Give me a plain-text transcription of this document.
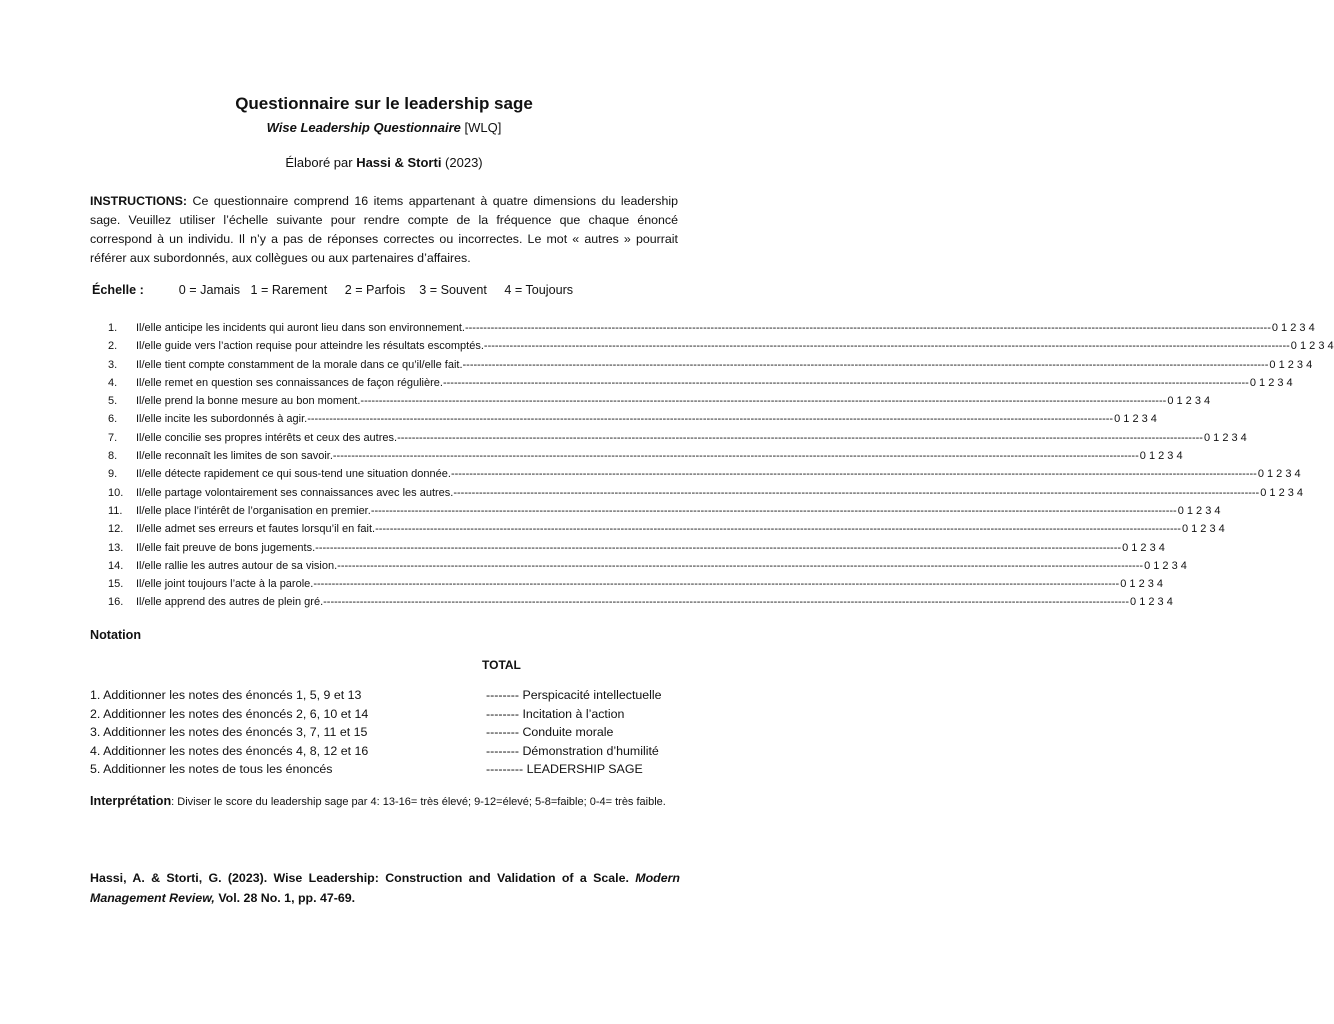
Questionnaire sur le leadership sage
Wise Leadership Questionnaire [WLQ]
Élaboré par Hassi & Storti (2023)
INSTRUCTIONS: Ce questionnaire comprend 16 items appartenant à quatre dimensions du leadership sage. Veuillez utiliser l’échelle suivante pour rendre compte de la fréquence que chaque énoncé correspond à un individu. Il n’y a pas de réponses correctes ou incorrectes. Le mot « autres » pourrait référer aux subordonnés, aux collègues ou aux partenaires d’affaires.
Échelle :	0 = Jamais 1 = Rarement 2 = Parfois 3 = Souvent 4 = Toujours
1.	Il/elle anticipe les incidents qui auront lieu dans son environnement. ---------------------------------------------------------------------------------------------------------------------------------------------------------------------------------------------------------------------------- 0 1 2 3 4
2.	Il/elle guide vers l’action requise pour atteindre les résultats escomptés. ---------------------------------------------------------------------------------------------------------------------------------------------------------------------------------------------------------------------------- 0 1 2 3 4
3.	Il/elle tient compte constamment de la morale dans ce qu’il/elle fait. ---------------------------------------------------------------------------------------------------------------------------------------------------------------------------------------------------------------------------- 0 1 2 3 4
4.	Il/elle remet en question ses connaissances de façon régulière. ---------------------------------------------------------------------------------------------------------------------------------------------------------------------------------------------------------------------------- 0 1 2 3 4
5.	Il/elle prend la bonne mesure au bon moment. ---------------------------------------------------------------------------------------------------------------------------------------------------------------------------------------------------------------------------- 0 1 2 3 4
6.	Il/elle incite les subordonnés à agir. ---------------------------------------------------------------------------------------------------------------------------------------------------------------------------------------------------------------------------- 0 1 2 3 4
7.	Il/elle concilie ses propres intérêts et ceux des autres. ---------------------------------------------------------------------------------------------------------------------------------------------------------------------------------------------------------------------------- 0 1 2 3 4
8.	Il/elle reconnaît les limites de son savoir. ---------------------------------------------------------------------------------------------------------------------------------------------------------------------------------------------------------------------------- 0 1 2 3 4
9.	Il/elle détecte rapidement ce qui sous-tend une situation donnée. ---------------------------------------------------------------------------------------------------------------------------------------------------------------------------------------------------------------------------- 0 1 2 3 4
10.	Il/elle partage volontairement ses connaissances avec les autres. ---------------------------------------------------------------------------------------------------------------------------------------------------------------------------------------------------------------------------- 0 1 2 3 4
11.	Il/elle place l’intérêt de l’organisation en premier. ---------------------------------------------------------------------------------------------------------------------------------------------------------------------------------------------------------------------------- 0 1 2 3 4
12.	Il/elle admet ses erreurs et fautes lorsqu’il en fait. ---------------------------------------------------------------------------------------------------------------------------------------------------------------------------------------------------------------------------- 0 1 2 3 4
13.	Il/elle fait preuve de bons jugements. ---------------------------------------------------------------------------------------------------------------------------------------------------------------------------------------------------------------------------- 0 1 2 3 4
14.	Il/elle rallie les autres autour de sa vision. ---------------------------------------------------------------------------------------------------------------------------------------------------------------------------------------------------------------------------- 0 1 2 3 4
15.	Il/elle joint toujours l’acte à la parole. ---------------------------------------------------------------------------------------------------------------------------------------------------------------------------------------------------------------------------- 0 1 2 3 4
16.	Il/elle apprend des autres de plein gré. ---------------------------------------------------------------------------------------------------------------------------------------------------------------------------------------------------------------------------- 0 1 2 3 4
Notation
TOTAL
1. Additionner les notes des énoncés 1, 5, 9 et 13	-------- Perspicacité intellectuelle
2. Additionner les notes des énoncés 2, 6, 10 et 14	-------- Incitation à l’action
3. Additionner les notes des énoncés 3, 7, 11 et 15	-------- Conduite morale
4. Additionner les notes des énoncés 4, 8, 12 et 16	-------- Démonstration d’humilité
5. Additionner les notes de tous les énoncés	--------- LEADERSHIP SAGE
Interprétation: Diviser le score du leadership sage par 4: 13-16= très élevé; 9-12=élevé; 5-8=faible; 0-4= très faible.
Hassi, A. & Storti, G. (2023). Wise Leadership: Construction and Validation of a Scale. Modern Management Review, Vol. 28 No. 1, pp. 47-69.
